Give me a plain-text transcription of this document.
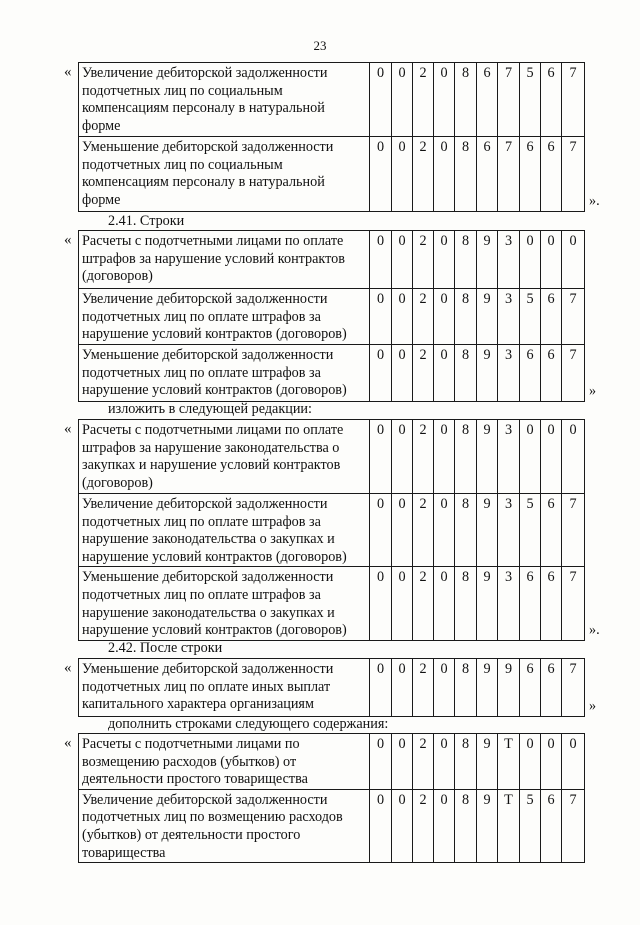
23
Увеличение дебиторской задолженности подотчетных лиц по социальным компенсациям персоналу в натуральной форме	0	0	2	0	8	6	7	5	6	7
Уменьшение дебиторской задолженности подотчетных лиц по социальным компенсациям персоналу в натуральной форме	0	0	2	0	8	6	7	6	6	7
«
».
Расчеты с подотчетными лицами по оплате штрафов за нарушение условий контрактов (договоров)	0	0	2	0	8	9	3	0	0	0
Увеличение дебиторской задолженности подотчетных лиц по оплате штрафов за нарушение условий контрактов (договоров)	0	0	2	0	8	9	3	5	6	7
Уменьшение дебиторской задолженности подотчетных лиц по оплате штрафов за нарушение условий контрактов (договоров)	0	0	2	0	8	9	3	6	6	7
«
»
Расчеты с подотчетными лицами по оплате штрафов за нарушение законодательства о закупках и нарушение условий контрактов (договоров)	0	0	2	0	8	9	3	0	0	0
Увеличение дебиторской задолженности подотчетных лиц по оплате штрафов за нарушение законодательства о закупках и нарушение условий контрактов (договоров)	0	0	2	0	8	9	3	5	6	7
Уменьшение дебиторской задолженности подотчетных лиц по оплате штрафов за нарушение законодательства о закупках и нарушение условий контрактов (договоров)	0	0	2	0	8	9	3	6	6	7
«
».
Уменьшение дебиторской задолженности подотчетных лиц по оплате иных выплат капитального характера организациям	0	0	2	0	8	9	9	6	6	7
«
»
Расчеты с подотчетными лицами по возмещению расходов (убытков) от деятельности простого товарищества	0	0	2	0	8	9	Т	0	0	0
Увеличение дебиторской задолженности подотчетных лиц по возмещению расходов (убытков) от деятельности простого товарищества	0	0	2	0	8	9	Т	5	6	7
«
2.41. Строки
изложить в следующей редакции:
2.42. После строки
дополнить строками следующего содержания:
